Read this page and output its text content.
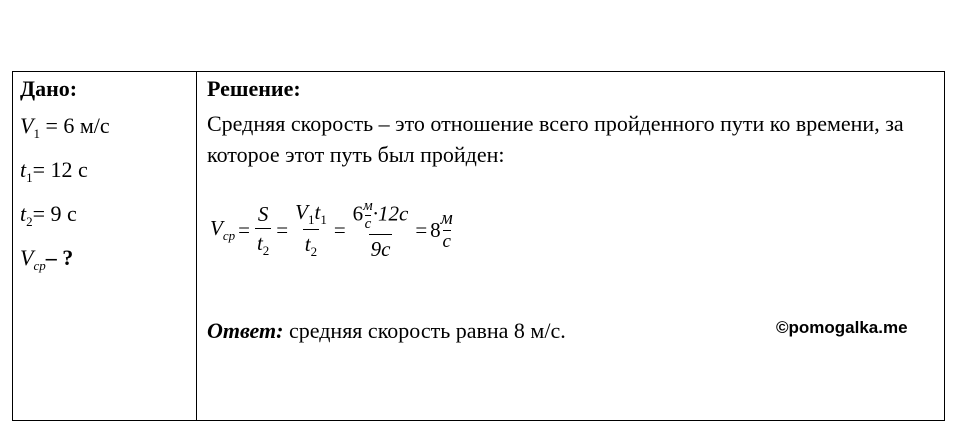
Дано:
$V_1 = 6$ м/с
$t_1= 12$ с
$t_2= 9$ с
$V_{ср}-$ ?
Решение:
Средняя скорость – это отношение всего пройденного пути ко времени, за которое этот путь был пройден:
$V_{ср} = \frac{S}{t_2} = \frac{V_1t_1}{t_2} = \frac{6 \frac{м}{с} \cdot 12с}{9с} = 8 \frac{м}{с}$
Ответ: средняя скорость равна 8 м/с.	©pomogalka.me
